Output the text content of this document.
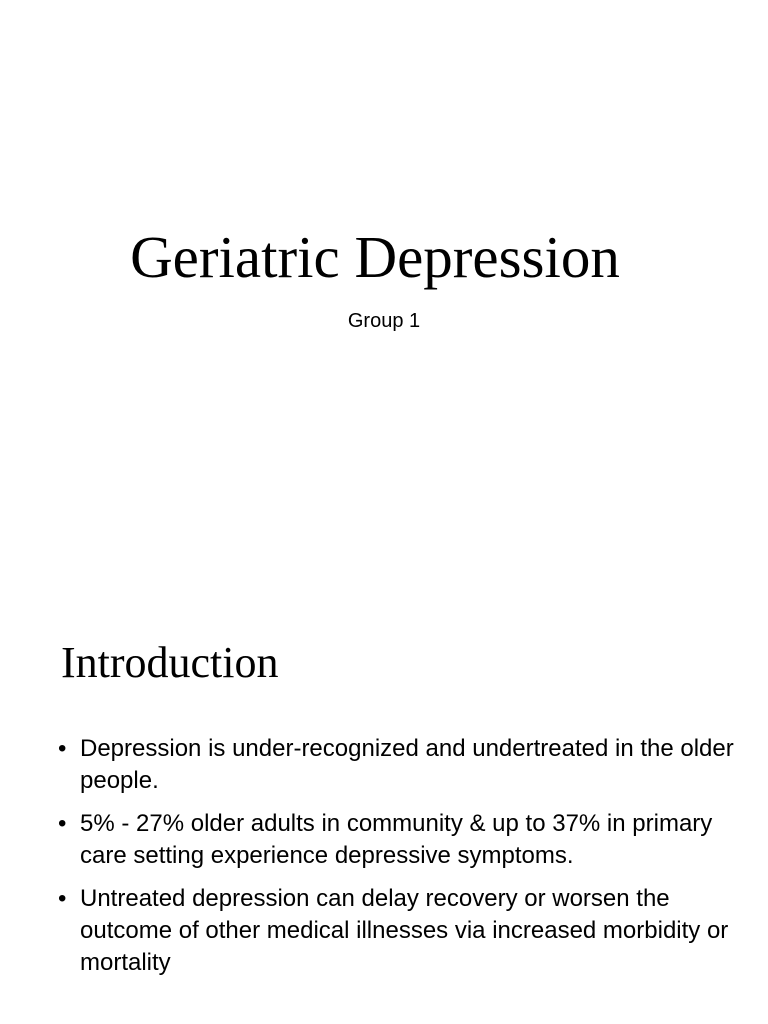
Geriatric Depression
Group 1
Introduction
• Depression is under-recognized and undertreated in the older people.
• 5% - 27% older adults in community & up to 37% in primary care setting experience depressive symptoms.
• Untreated depression can delay recovery or worsen the outcome of other medical illnesses via increased morbidity or mortality
